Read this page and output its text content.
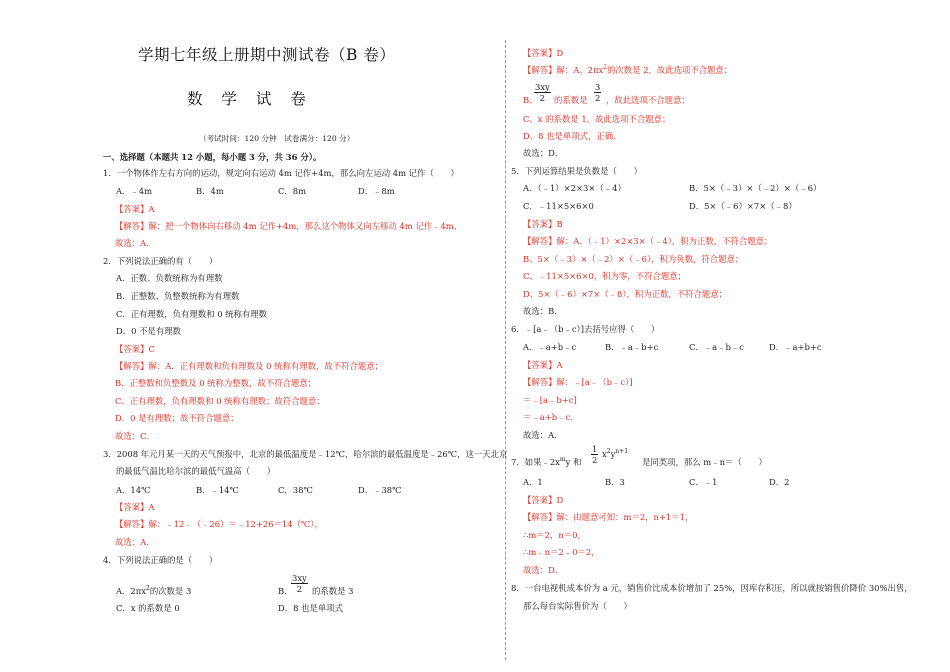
学期七年级上册期中测试卷（B 卷）
数 学 试 卷
（考试时间：120 分钟　试卷满分：120 分）
一、选择题（本题共 12 小题，每小题 3 分，共 36 分）。
1．一个物体作左右方向的运动，规定向右运动 4m 记作+4m，那么向左运动 4m 记作（　　）
A．﹣4m	B．4m	C．8m	D．﹣8m
【答案】A
【解答】解：把一个物体向右移动 4m 记作+4m，那么这个物体又向左移动 4m 记作﹣4m，
故选：A．
2．下列说法正确的有（　　）
A．正数、负数统称为有理数
B．正整数、负整数统称为有理数
C．正有理数，负有理数和 0 统称有理数
D．0 不是有理数
【答案】C
【解答】解：A．正有理数和负有理数及 0 统称有理数，故不符合题意；
B．正整数和负整数及 0 统称为整数，故不符合题意；
C．正有理数，负有理数和 0 统称有理数；故符合题意；
D．0 是有理数；故不符合题意；
故选：C．
3．2008 年元月某一天的天气预报中，北京的最低温度是﹣12℃，哈尔滨的最低温度是﹣26℃，这一天北京
的最低气温比哈尔滨的最低气温高（　　）
A．14℃	B．﹣14℃	C．38℃	D．﹣38℃
【答案】A
【解答】解：﹣12﹣（﹣26）＝﹣12+26＝14（℃），
故选：A．
4．下列说法正确的是（　　）
A．$2\pi x^2$的次数是 3	B．
$\frac{3xy}{2}$ 的系数是 3
C．x 的系数是 0	D．8 也是单项式
【答案】D
【解答】解：A、$2\pi x^2$的次数是 2，故此选项不合题意；
B、
$\frac{3xy}{2}$ 的系数是 $\frac{3}{2}$ ，故此选项不合题意；
C、x 的系数是 1，故此选项不合题意；
D、8 也是单项式，正确．
故选：D．
5．下列运算结果是负数是（　　）
A．（﹣1）×2×3×（﹣4）	B．5×（﹣3）×（﹣2）×（﹣6）
C．﹣11×5×6×0	D．5×（﹣6）×7×（﹣8）
【答案】B
【解答】解：A、（﹣1）×2×3×（﹣4），积为正数，不符合题意；
B、5×（﹣3）×（﹣2）×（﹣6），积为负数，符合题意；
C、﹣11×5×6×0，积为零，不符合题意；
D、5×（﹣6）×7×（﹣8），积为正数，不符合题意；
故选：B．
6．﹣[a﹣（b﹣c）]去括号应得（　　）
A．﹣a+b﹣c	B．﹣a﹣b+c	C．﹣a﹣b﹣c	D．﹣a+b+c
【答案】A
【解答】解：﹣[a﹣（b﹣c）]
＝﹣[a﹣b+c]
＝﹣a+b﹣c．
故选：A．
7．如果$﹣2x^my$ 和 $\frac{1}{2} x^2y^{n+1}$
是同类项，那么 m﹣n＝（　　）
A．1	B．3	C．﹣1	D．2
【答案】D
【解答】解：由题意可知：m＝2，n+1＝1，
∴m＝2，n＝0，
∴m﹣n＝2﹣0＝2，
故选：D．
8．一台电视机成本价为 a 元，销售价比成本价增加了 25%，因库存积压，所以就按销售价降价 30%出售，
那么每台实际售价为（　　）
